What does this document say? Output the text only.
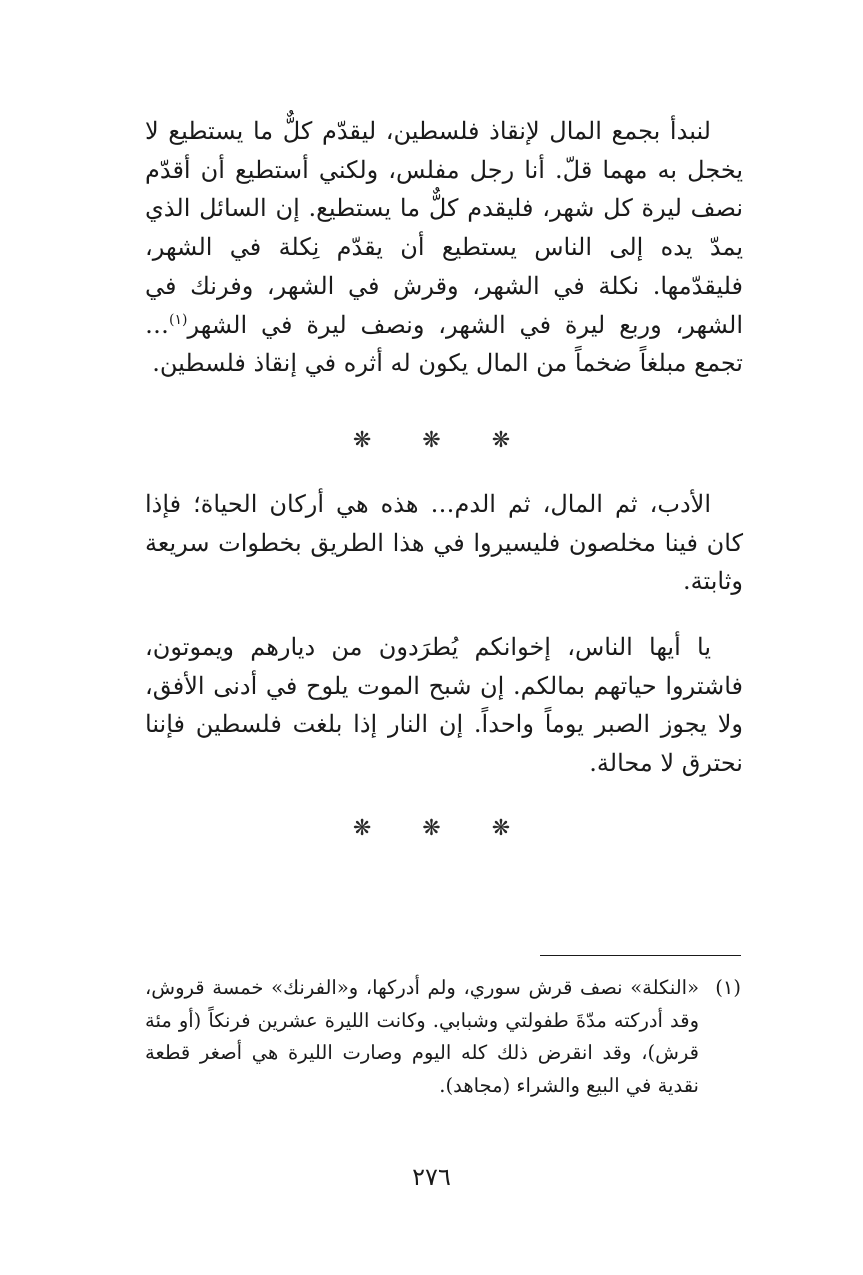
لنبدأ بجمع المال لإنقاذ فلسطين، ليقدّم كلٌّ ما يستطيع لا يخجل به مهما قلّ. أنا رجل مفلس، ولكني أستطيع أن أقدّم نصف ليرة كل شهر، فليقدم كلٌّ ما يستطيع. إن السائل الذي يمدّ يده إلى الناس يستطيع أن يقدّم نِكلة في الشهر، فليقدّمها. نكلة في الشهر، وقرش في الشهر، وفرنك في الشهر، وربع ليرة في الشهر، ونصف ليرة في الشهر$^{(١)}$… تجمع مبلغاً ضخماً من المال يكون له أثره في إنقاذ فلسطين.

❋ ❋ ❋

الأدب، ثم المال، ثم الدم… هذه هي أركان الحياة؛ فإذا كان فينا مخلصون فليسيروا في هذا الطريق بخطوات سريعة وثابتة.

يا أيها الناس، إخوانكم يُطرَدون من ديارهم ويموتون، فاشتروا حياتهم بمالكم. إن شبح الموت يلوح في أدنى الأفق، ولا يجوز الصبر يوماً واحداً. إن النار إذا بلغت فلسطين فإننا نحترق لا محالة.

❋ ❋ ❋

(١)«النكلة» نصف قرش سوري، ولم أدركها، و«الفرنك» خمسة قروش، وقد أدركته مدّةَ طفولتي وشبابي. وكانت الليرة عشرين فرنكاً (أو مئة قرش)، وقد انقرض ذلك كله اليوم وصارت الليرة هي أصغر قطعة نقدية في البيع والشراء (مجاهد).

٢٧٦
